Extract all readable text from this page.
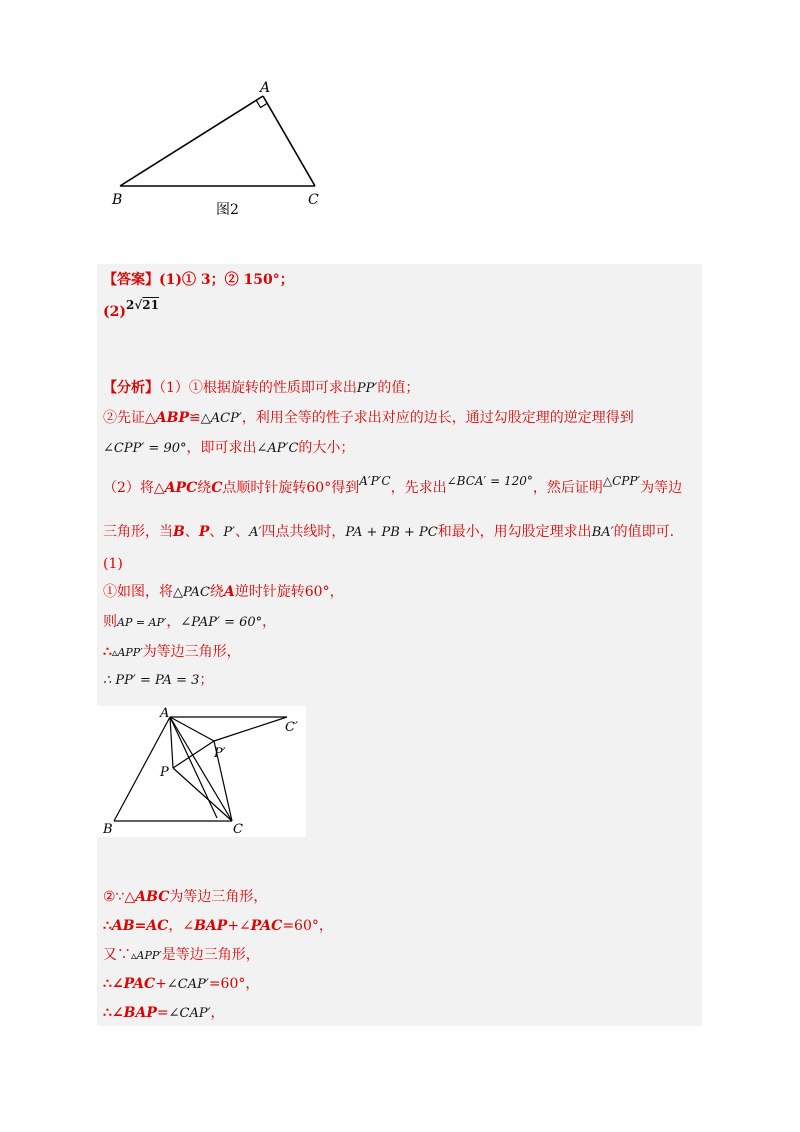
A
B	C
图2
【答案】(1)① 3；② 150°；
(2)2√21
【分析】（1）①根据旋转的性质即可求出PP′的值；
②先证△ABP≌△ACP′，利用全等的性子求出对应的边长，通过勾股定理的逆定理得到
∠CPP′ = 90°，即可求出∠AP′C的大小；
（2）将△APC绕C点顺时针旋转60°得到A′P′C，先求出∠BCA′ = 120°，然后证明△CPP′为等边
三角形，当B、P、P′、A′四点共线时，PA + PB + PC和最小，用勾股定理求出BA′的值即可.
(1)
①如图，将△PAC绕A逆时针旋转60°，
则AP = AP′，∠PAP′ = 60°，
∴▵APP′为等边三角形，
∴ PP′ = PA = 3；
A
B	C
P
P′
C′
②∵△ABC为等边三角形，
∴AB=AC，∠BAP+∠PAC=60°，
又∵▵APP′是等边三角形，
∴∠PAC+∠CAP′=60°，
∴∠BAP=∠CAP′，
